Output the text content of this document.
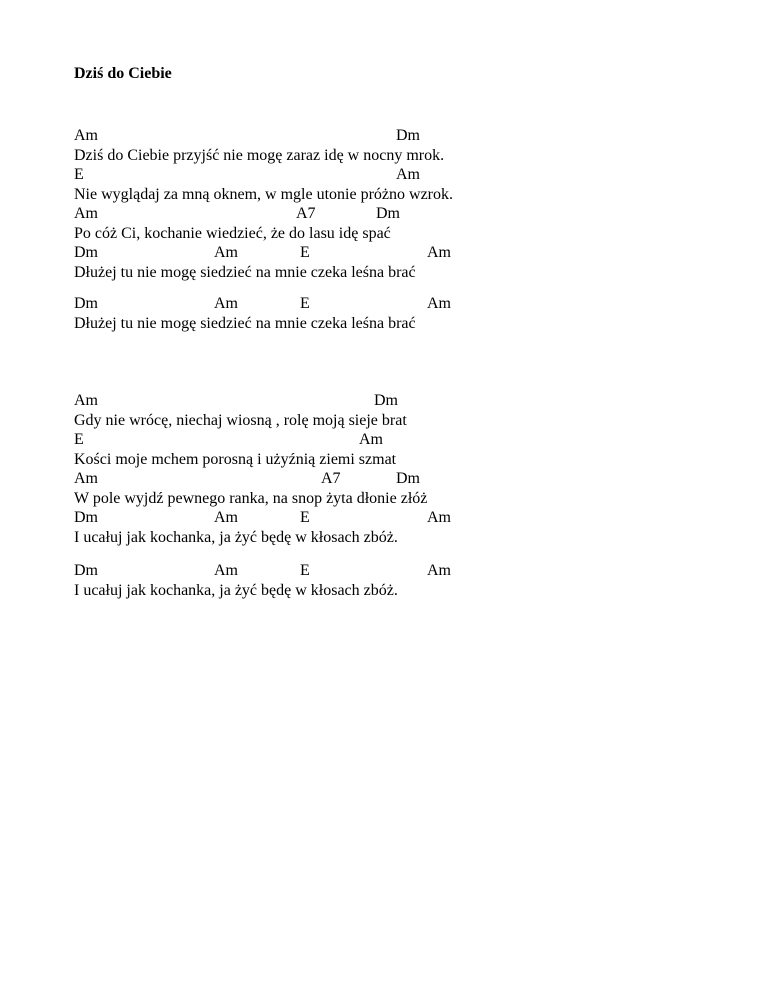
Dziś do Ciebie
Am	Dm
Dziś do Ciebie przyjść nie mogę zaraz idę w nocny mrok.
E	Am
Nie wyglądaj za mną oknem, w mgle utonie próżno wzrok.
Am	A7	Dm
Po cóż Ci, kochanie wiedzieć, że do lasu idę spać
Dm	Am	E	Am
Dłużej tu nie mogę siedzieć na mnie czeka leśna brać
Dm	Am	E	Am
Dłużej tu nie mogę siedzieć na mnie czeka leśna brać
Am	Dm
Gdy nie wrócę, niechaj wiosną , rolę moją sieje brat
E	Am
Kości moje mchem porosną i użyźnią ziemi szmat
Am	A7	Dm
W pole wyjdź pewnego ranka, na snop żyta dłonie złóż
Dm	Am	E	Am
I ucałuj jak kochanka, ja żyć będę w kłosach zbóż.
Dm	Am	E	Am
I ucałuj jak kochanka, ja żyć będę w kłosach zbóż.
